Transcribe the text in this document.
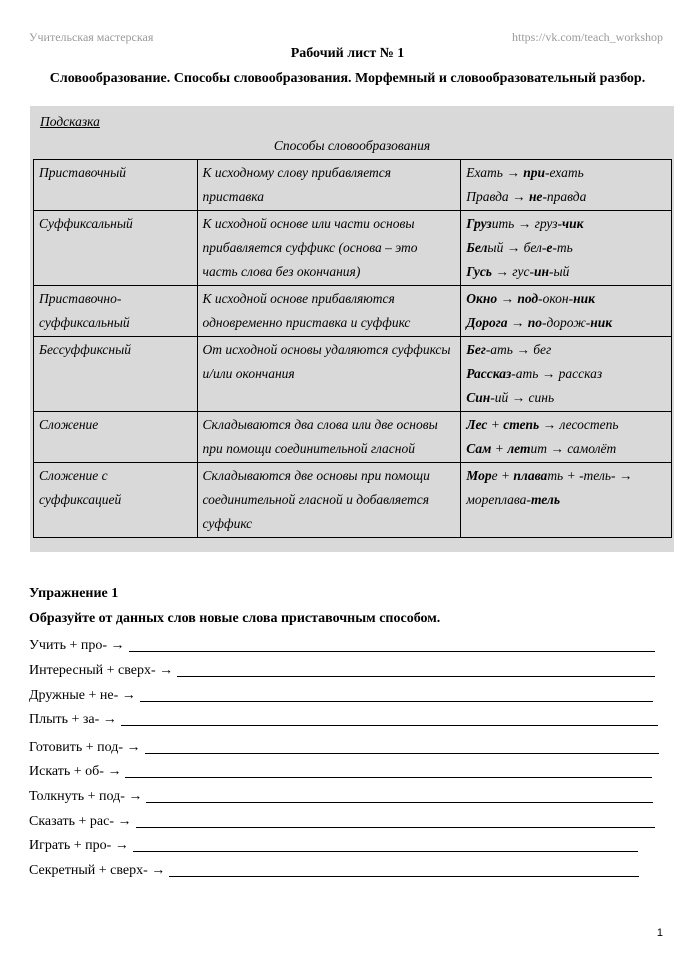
Учительская мастерская	https://vk.com/teach_workshop
Рабочий лист № 1
Словообразование. Способы словообразования. Морфемный и словообразовательный разбор.
Подсказка
Способы словообразования
Приставочный	К исходному слову прибавляется приставка	Ехать → при-ехать
Правда → не-правда

Суффиксальный	К исходной основе или части основы прибавляется суффикс (основа – это часть слова без окончания)	Грузить → груз-чик
Белый → бел-е-ть
Гусь → гус-ин-ый

Приставочно-суффиксальный	К исходной основе прибавляются одновременно приставка и суффикс	Окно → под-окон-ник
Дорога → по-дорож-ник

Бессуффиксный	От исходной основы удаляются суффиксы и/или окончания	Бег-ать → бег
Рассказ-ать → рассказ
Син-ий → синь

Сложение	Складываются два слова или две основы при помощи соединительной гласной	Лес + степь → лесостепь
Сам + летит → самолёт

Сложение с суффиксацией	Складываются две основы при помощи соединительной гласной и добавляется суффикс	Море + плавать + -тель- →
мореплава-тель
Упражнение 1
Образуйте от данных слов новые слова приставочным способом.
Учить + про- →
Интересный + сверх- →
Дружные + не- →
Плыть + за- →
Готовить + под- →
Искать + об- →
Толкнуть + под- →
Сказать + рас- →
Играть + про- →
Секретный + сверх- →
1
